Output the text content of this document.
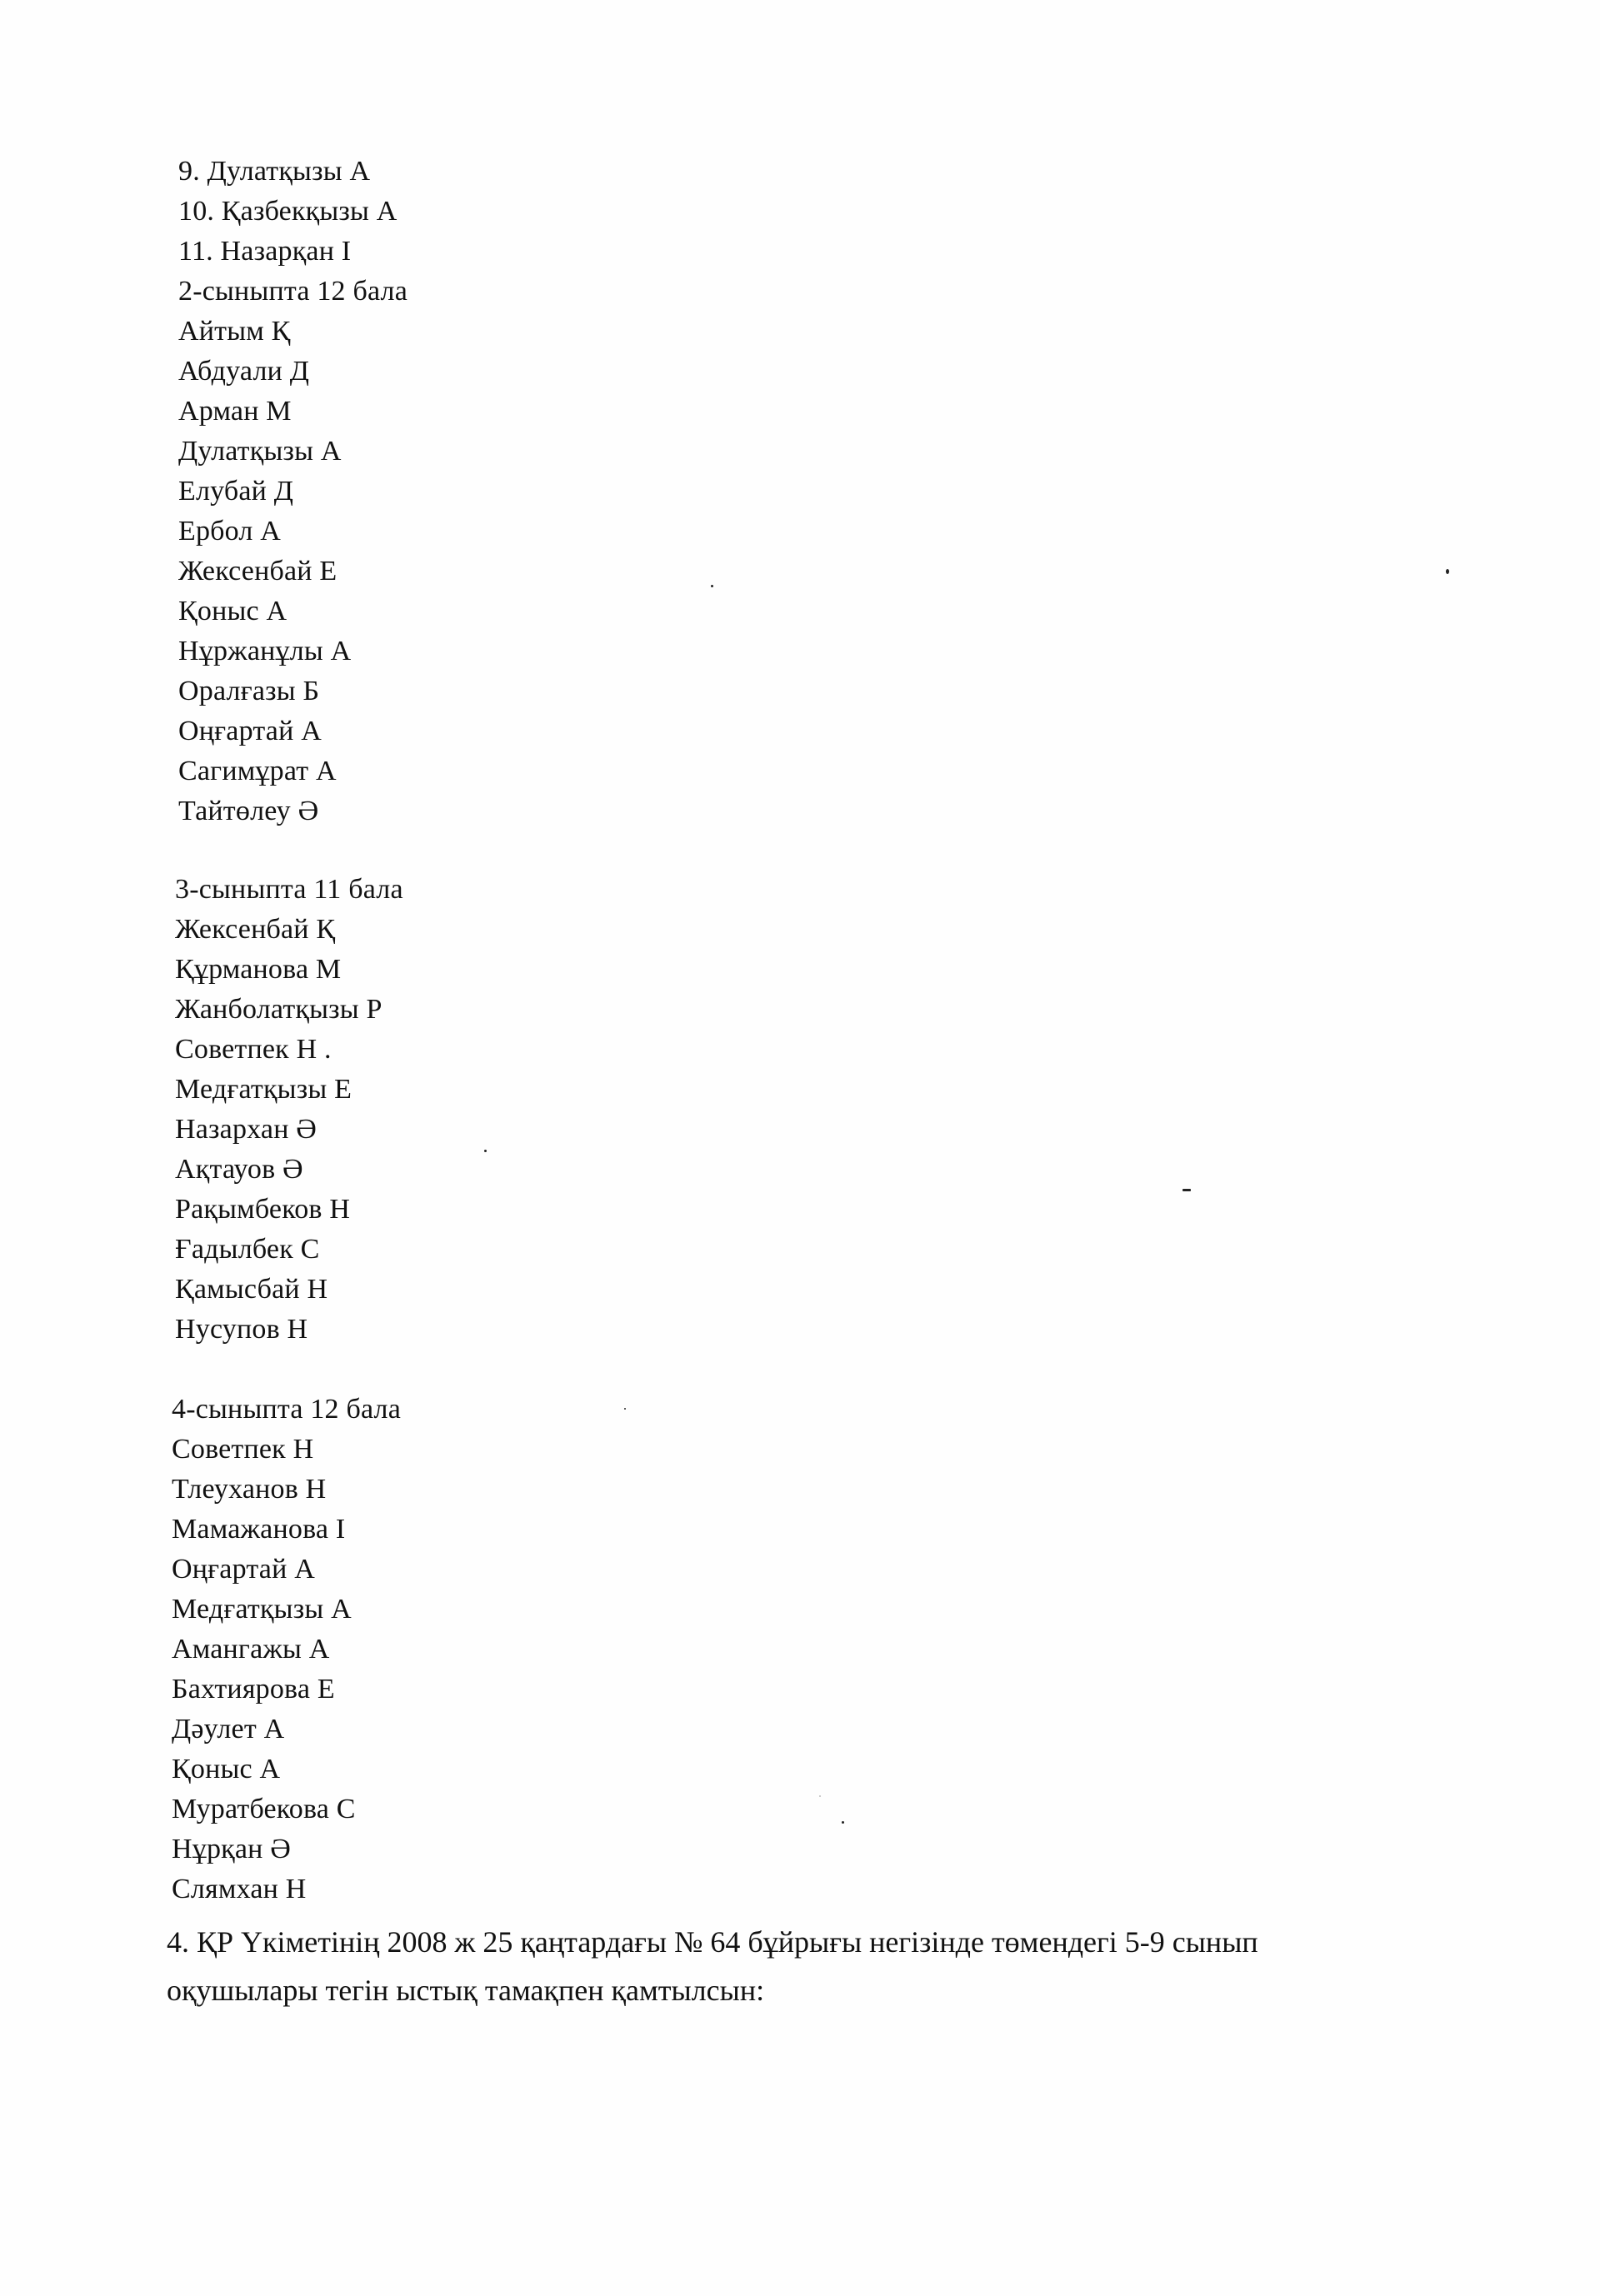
9. Дулатқызы А
10. Қазбекқызы А
11. Назарқан I
2-сыныпта 12 бала
Айтым Қ
Абдуали Д
Арман М
Дулатқызы А
Елубай Д
Ербол А
Жексенбай Е
Қоныс А
Нұржанұлы А
Оралғазы Б
Оңғартай А
Сагимұрат А
Тайтөлеу Ә
3-сыныпта 11 бала
Жексенбай Қ
Құрманова М
Жанболатқызы Р
Советпек Н .
Медғатқызы Е
Назархан Ә
Ақтауов Ә
Рақымбеков Н
Ғадылбек С
Қамысбай Н
Нусупов Н
4-сыныпта 12 бала
Советпек Н
Тлеуханов Н
Мамажанова I
Оңғартай А
Медғатқызы А
Амангажы А
Бахтиярова Е
Дәулет А
Қоныс А
Муратбекова С
Нұрқан Ә
Слямхан Н
4. ҚР Үкіметінің 2008 ж 25 қаңтардағы № 64 бұйрығы негізінде төмендегі 5-9 сынып
оқушылары тегін ыстық тамақпен қамтылсын:
